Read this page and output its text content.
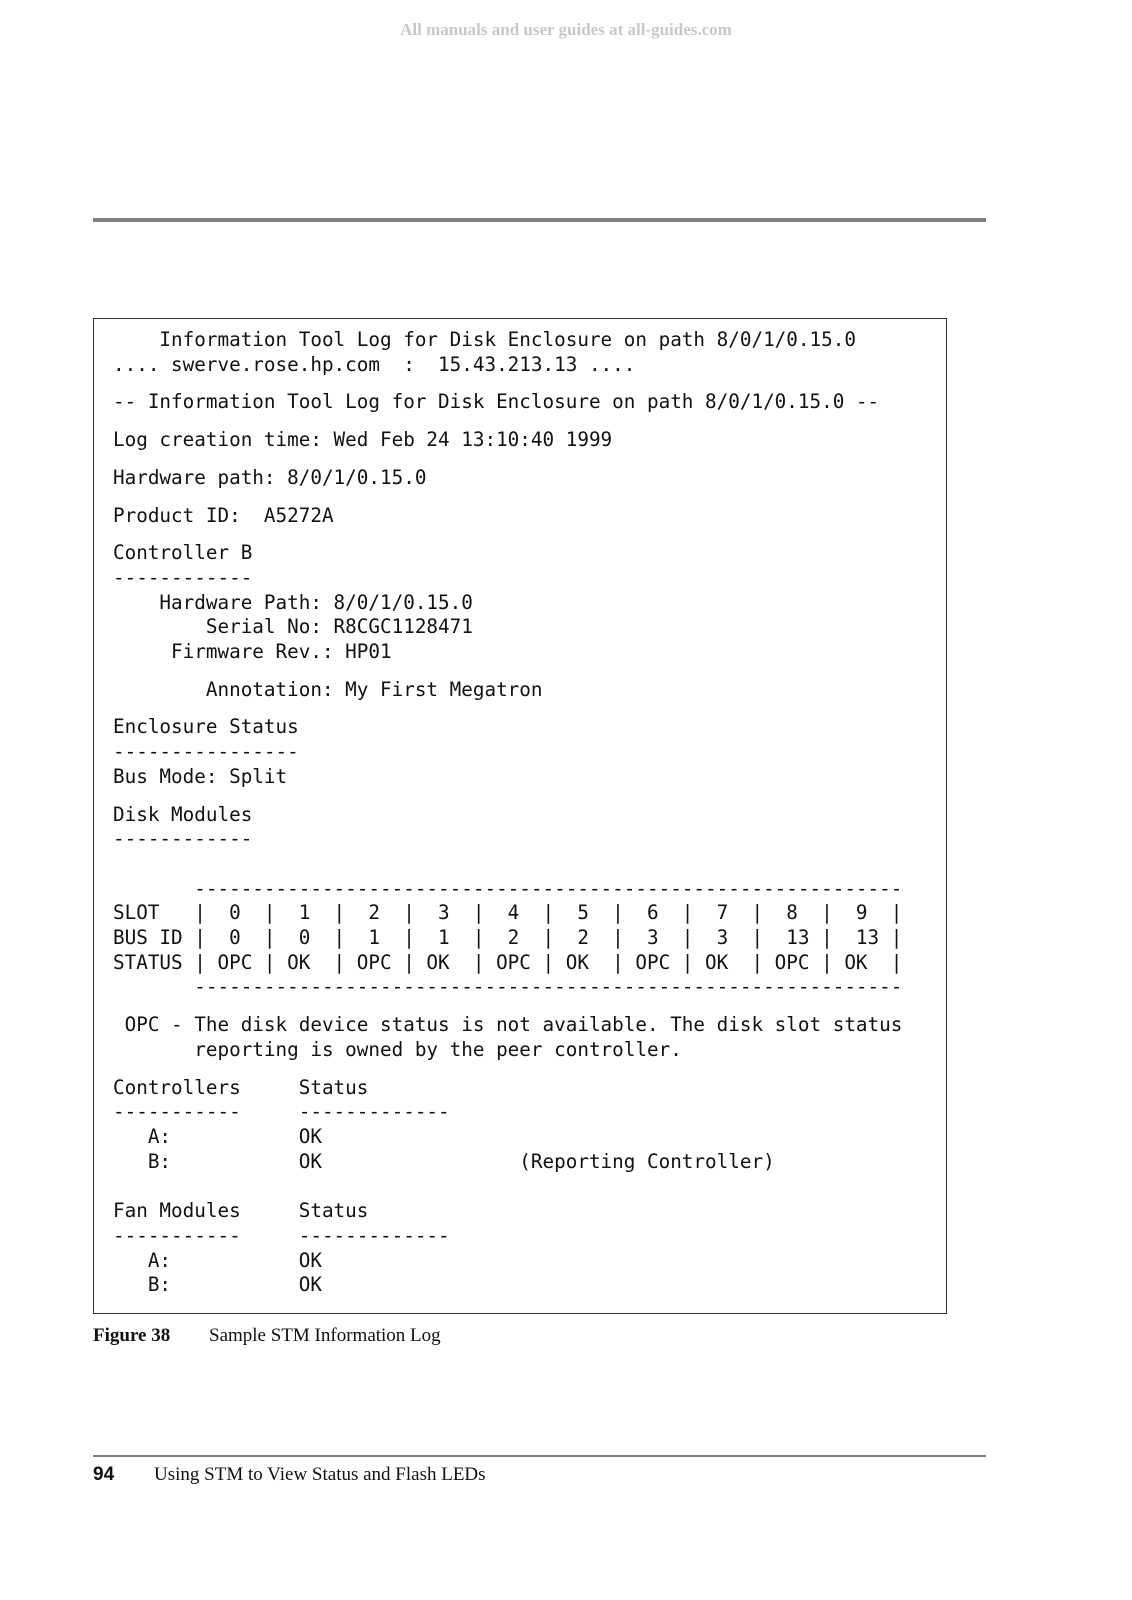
All manuals and user guides at all-guides.com
Information Tool Log for Disk Enclosure on path 8/0/1/0.15.0
.... swerve.rose.hp.com  :  15.43.213.13 ....
-- Information Tool Log for Disk Enclosure on path 8/0/1/0.15.0 --
Log creation time: Wed Feb 24 13:10:40 1999
Hardware path: 8/0/1/0.15.0
Product ID:  A5272A
Controller B
------------
Hardware Path: 8/0/1/0.15.0
Serial No: R8CGC1128471
Firmware Rev.: HP01
Annotation: My First Megatron
Enclosure Status
----------------
Bus Mode: Split
Disk Modules
------------

-------------------------------------------------------------
SLOT   |  0  |  1  |  2  |  3  |  4  |  5  |  6  |  7  |  8  |  9  |
BUS ID |  0  |  0  |  1  |  1  |  2  |  2  |  3  |  3  |  13 |  13 |
STATUS | OPC | OK  | OPC | OK  | OPC | OK  | OPC | OK  | OPC | OK  |
-------------------------------------------------------------
OPC - The disk device status is not available. The disk slot status
reporting is owned by the peer controller.
Controllers     Status
-----------     -------------
A:           OK
B:           OK                 (Reporting Controller)

Fan Modules     Status
-----------     -------------
A:           OK
B:           OK
Figure 38 Sample STM Information Log
94 Using STM to View Status and Flash LEDs
